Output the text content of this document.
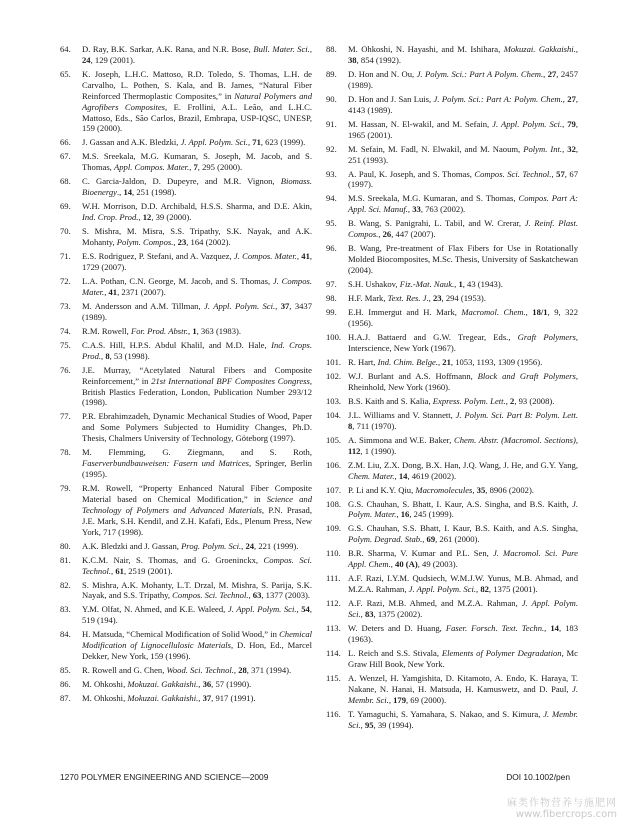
64.	D. Ray, B.K. Sarkar, A.K. Rana, and N.R. Bose, Bull. Mater. Sci., 24, 129 (2001).
65.	K. Joseph, L.H.C. Mattoso, R.D. Toledo, S. Thomas, L.H. de Carvalho, L. Pothen, S. Kala, and B. James, “Natural Fiber Reinforced Thermoplastic Composites,” in Natural Polymers and Agrofibers Composites, E. Frollini, A.L. Leão, and L.H.C. Mattoso, Eds., São Carlos, Brazil, Embrapa, USP-IQSC, UNESP, 159 (2000).
66.	J. Gassan and A.K. Bledzki, J. Appl. Polym. Sci., 71, 623 (1999).
67.	M.S. Sreekala, M.G. Kumaran, S. Joseph, M. Jacob, and S. Thomas, Appl. Compos. Mater., 7, 295 (2000).
68.	C. Garcia-Jaldon, D. Dupeyre, and M.R. Vignon, Biomass. Bioenergy., 14, 251 (1998).
69.	W.H. Morrison, D.D. Archibald, H.S.S. Sharma, and D.E. Akin, Ind. Crop. Prod., 12, 39 (2000).
70.	S. Mishra, M. Misra, S.S. Tripathy, S.K. Nayak, and A.K. Mohanty, Polym. Compos., 23, 164 (2002).
71.	E.S. Rodriguez, P. Stefani, and A. Vazquez, J. Compos. Mater., 41, 1729 (2007).
72.	L.A. Pothan, C.N. George, M. Jacob, and S. Thomas, J. Compos. Mater., 41, 2371 (2007).
73.	M. Andersson and A.M. Tillman, J. Appl. Polym. Sci., 37, 3437 (1989).
74.	R.M. Rowell, For. Prod. Abstr., 1, 363 (1983).
75.	C.A.S. Hill, H.P.S. Abdul Khalil, and M.D. Hale, Ind. Crops. Prod., 8, 53 (1998).
76.	J.E. Murray, “Acetylated Natural Fibers and Composite Reinforcement,” in 21st International BPF Composites Congress, British Plastics Federation, London, Publication Number 293/12 (1998).
77.	P.R. Ebrahimzadeh, Dynamic Mechanical Studies of Wood, Paper and Some Polymers Subjected to Humidity Changes, Ph.D. Thesis, Chalmers University of Technology, Göteborg (1997).
78.	M. Flemming, G. Ziegmann, and S. Roth, Faserverbundbauweisen: Fasern und Matrices, Springer, Berlin (1995).
79.	R.M. Rowell, “Property Enhanced Natural Fiber Composite Material based on Chemical Modification,” in Science and Technology of Polymers and Advanced Materials, P.N. Prasad, J.E. Mark, S.H. Kendil, and Z.H. Kafafi, Eds., Plenum Press, New York, 717 (1998).
80.	A.K. Bledzki and J. Gassan, Prog. Polym. Sci., 24, 221 (1999).
81.	K.C.M. Nair, S. Thomas, and G. Groeninckx, Compos. Sci. Technol., 61, 2519 (2001).
82.	S. Mishra, A.K. Mohanty, L.T. Drzal, M. Mishra, S. Parija, S.K. Nayak, and S.S. Tripathy, Compos. Sci. Technol., 63, 1377 (2003).
83.	Y.M. Olfat, N. Ahmed, and K.E. Waleed, J. Appl. Polym. Sci., 54, 519 (194).
84.	H. Matsuda, “Chemical Modification of Solid Wood,” in Chemical Modification of Lignocellulosic Materials, D. Hon, Ed., Marcel Dekker, New York, 159 (1996).
85.	R. Rowell and G. Chen, Wood. Sci. Technol., 28, 371 (1994).
86.	M. Ohkoshi, Mokuzai. Gakkaishi., 36, 57 (1990).
87.	M. Ohkoshi, Mokuzai. Gakkaishi., 37, 917 (1991).
88.	M. Ohkoshi, N. Hayashi, and M. Ishihara, Mokuzai. Gakkaishi., 38, 854 (1992).
89.	D. Hon and N. Ou, J. Polym. Sci.: Part A Polym. Chem., 27, 2457 (1989).
90.	D. Hon and J. San Luis, J. Polym. Sci.: Part A: Polym. Chem., 27, 4143 (1989).
91.	M. Hassan, N. El-wakil, and M. Sefain, J. Appl. Polym. Sci., 79, 1965 (2001).
92.	M. Sefain, M. Fadl, N. Elwakil, and M. Naoum, Polym. Int., 32, 251 (1993).
93.	A. Paul, K. Joseph, and S. Thomas, Compos. Sci. Technol., 57, 67 (1997).
94.	M.S. Sreekala, M.G. Kumaran, and S. Thomas, Compos. Part A: Appl. Sci. Manuf., 33, 763 (2002).
95.	B. Wang, S. Panigrahi, L. Tabil, and W. Crerar, J. Reinf. Plast. Compos., 26, 447 (2007).
96.	B. Wang, Pre-treatment of Flax Fibers for Use in Rotationally Molded Biocomposites, M.Sc. Thesis, University of Saskatchewan (2004).
97.	S.H. Ushakov, Fiz.-Mat. Nauk., 1, 43 (1943).
98.	H.F. Mark, Text. Res. J., 23, 294 (1953).
99.	E.H. Immergut and H. Mark, Macromol. Chem., 18/1, 9, 322 (1956).
100. H.A.J. Battaerd and G.W. Tregear, Eds., Graft Polymers, Interscience, New York (1967).
101. R. Hart, Ind. Chim. Belge., 21, 1053, 1193, 1309 (1956).
102. W.J. Burlant and A.S. Hoffmann, Block and Graft Polymers, Rheinhold, New York (1960).
103. B.S. Kaith and S. Kalia, Express. Polym. Lett., 2, 93 (2008).
104. J.L. Williams and V. Stannett, J. Polym. Sci. Part B: Polym. Lett. 8, 711 (1970).
105. A. Simmona and W.E. Baker, Chem. Abstr. (Macromol. Sections), 112, 1 (1990).
106. Z.M. Liu, Z.X. Dong, B.X. Han, J.Q. Wang, J. He, and G.Y. Yang, Chem. Mater., 14, 4619 (2002).
107. P. Li and K.Y. Qiu, Macromolecules, 35, 8906 (2002).
108. G.S. Chauhan, S. Bhatt, I. Kaur, A.S. Singha, and B.S. Kaith, J. Polym. Mater., 16, 245 (1999).
109. G.S. Chauhan, S.S. Bhatt, I. Kaur, B.S. Kaith, and A.S. Singha, Polym. Degrad. Stab., 69, 261 (2000).
110. B.R. Sharma, V. Kumar and P.L. Sen, J. Macromol. Sci. Pure Appl. Chem., 40 (A), 49 (2003).
111. A.F. Razi, I.Y.M. Qudsiech, W.M.J.W. Yunus, M.B. Ahmad, and M.Z.A. Rahman, J. Appl. Polym. Sci., 82, 1375 (2001).
112. A.F. Razi, M.B. Ahmed, and M.Z.A. Rahman, J. Appl. Polym. Sci., 83, 1375 (2002).
113. W. Deters and D. Huang, Faser. Forsch. Text. Techn., 14, 183 (1963).
114. L. Reich and S.S. Stivala, Elements of Polymer Degradation, Mc Graw Hill Book, New York.
115. A. Wenzel, H. Yamgishita, D. Kitamoto, A. Endo, K. Haraya, T. Nakane, N. Hanai, H. Matsuda, H. Kamuswetz, and D. Paul, J. Membr. Sci., 179, 69 (2000).
116. T. Yamaguchi, S. Yamahara, S. Nakao, and S. Kimura, J. Membr. Sci., 95, 39 (1994).
1270 POLYMER ENGINEERING AND SCIENCE—2009	DOI 10.1002/pen
麻类作物营养与施肥网
www.fibercrops.com
